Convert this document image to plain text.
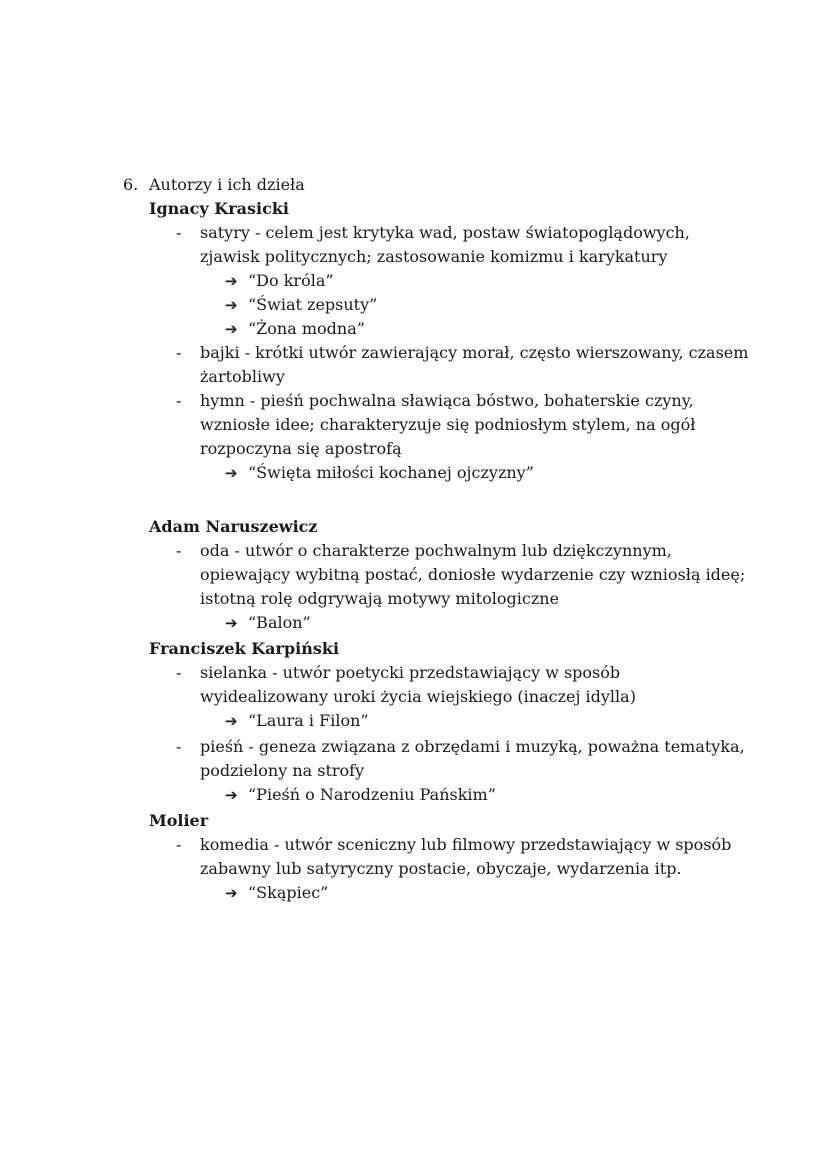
6. Autorzy i ich dzieła
Ignacy Krasicki
- satyry - celem jest krytyka wad, postaw światopoglądowych,
zjawisk politycznych; zastosowanie komizmu i karykatury
➔ “Do króla”
➔ “Świat zepsuty”
➔ “Żona modna”
- bajki - krótki utwór zawierający morał, często wierszowany, czasem
żartobliwy
- hymn - pieśń pochwalna sławiąca bóstwo, bohaterskie czyny,
wzniosłe idee; charakteryzuje się podniosłym stylem, na ogół
rozpoczyna się apostrofą
➔ “Święta miłości kochanej ojczyzny”
Adam Naruszewicz
- oda - utwór o charakterze pochwalnym lub dziękczynnym,
opiewający wybitną postać, doniosłe wydarzenie czy wzniosłą ideę;
istotną rolę odgrywają motywy mitologiczne
➔ “Balon”
Franciszek Karpiński
- sielanka - utwór poetycki przedstawiający w sposób
wyidealizowany uroki życia wiejskiego (inaczej idylla)
➔ “Laura i Filon”
- pieśń - geneza związana z obrzędami i muzyką, poważna tematyka,
podzielony na strofy
➔ “Pieśń o Narodzeniu Pańskim”
Molier
- komedia - utwór sceniczny lub filmowy przedstawiający w sposób
zabawny lub satyryczny postacie, obyczaje, wydarzenia itp.
➔ “Skąpiec”
